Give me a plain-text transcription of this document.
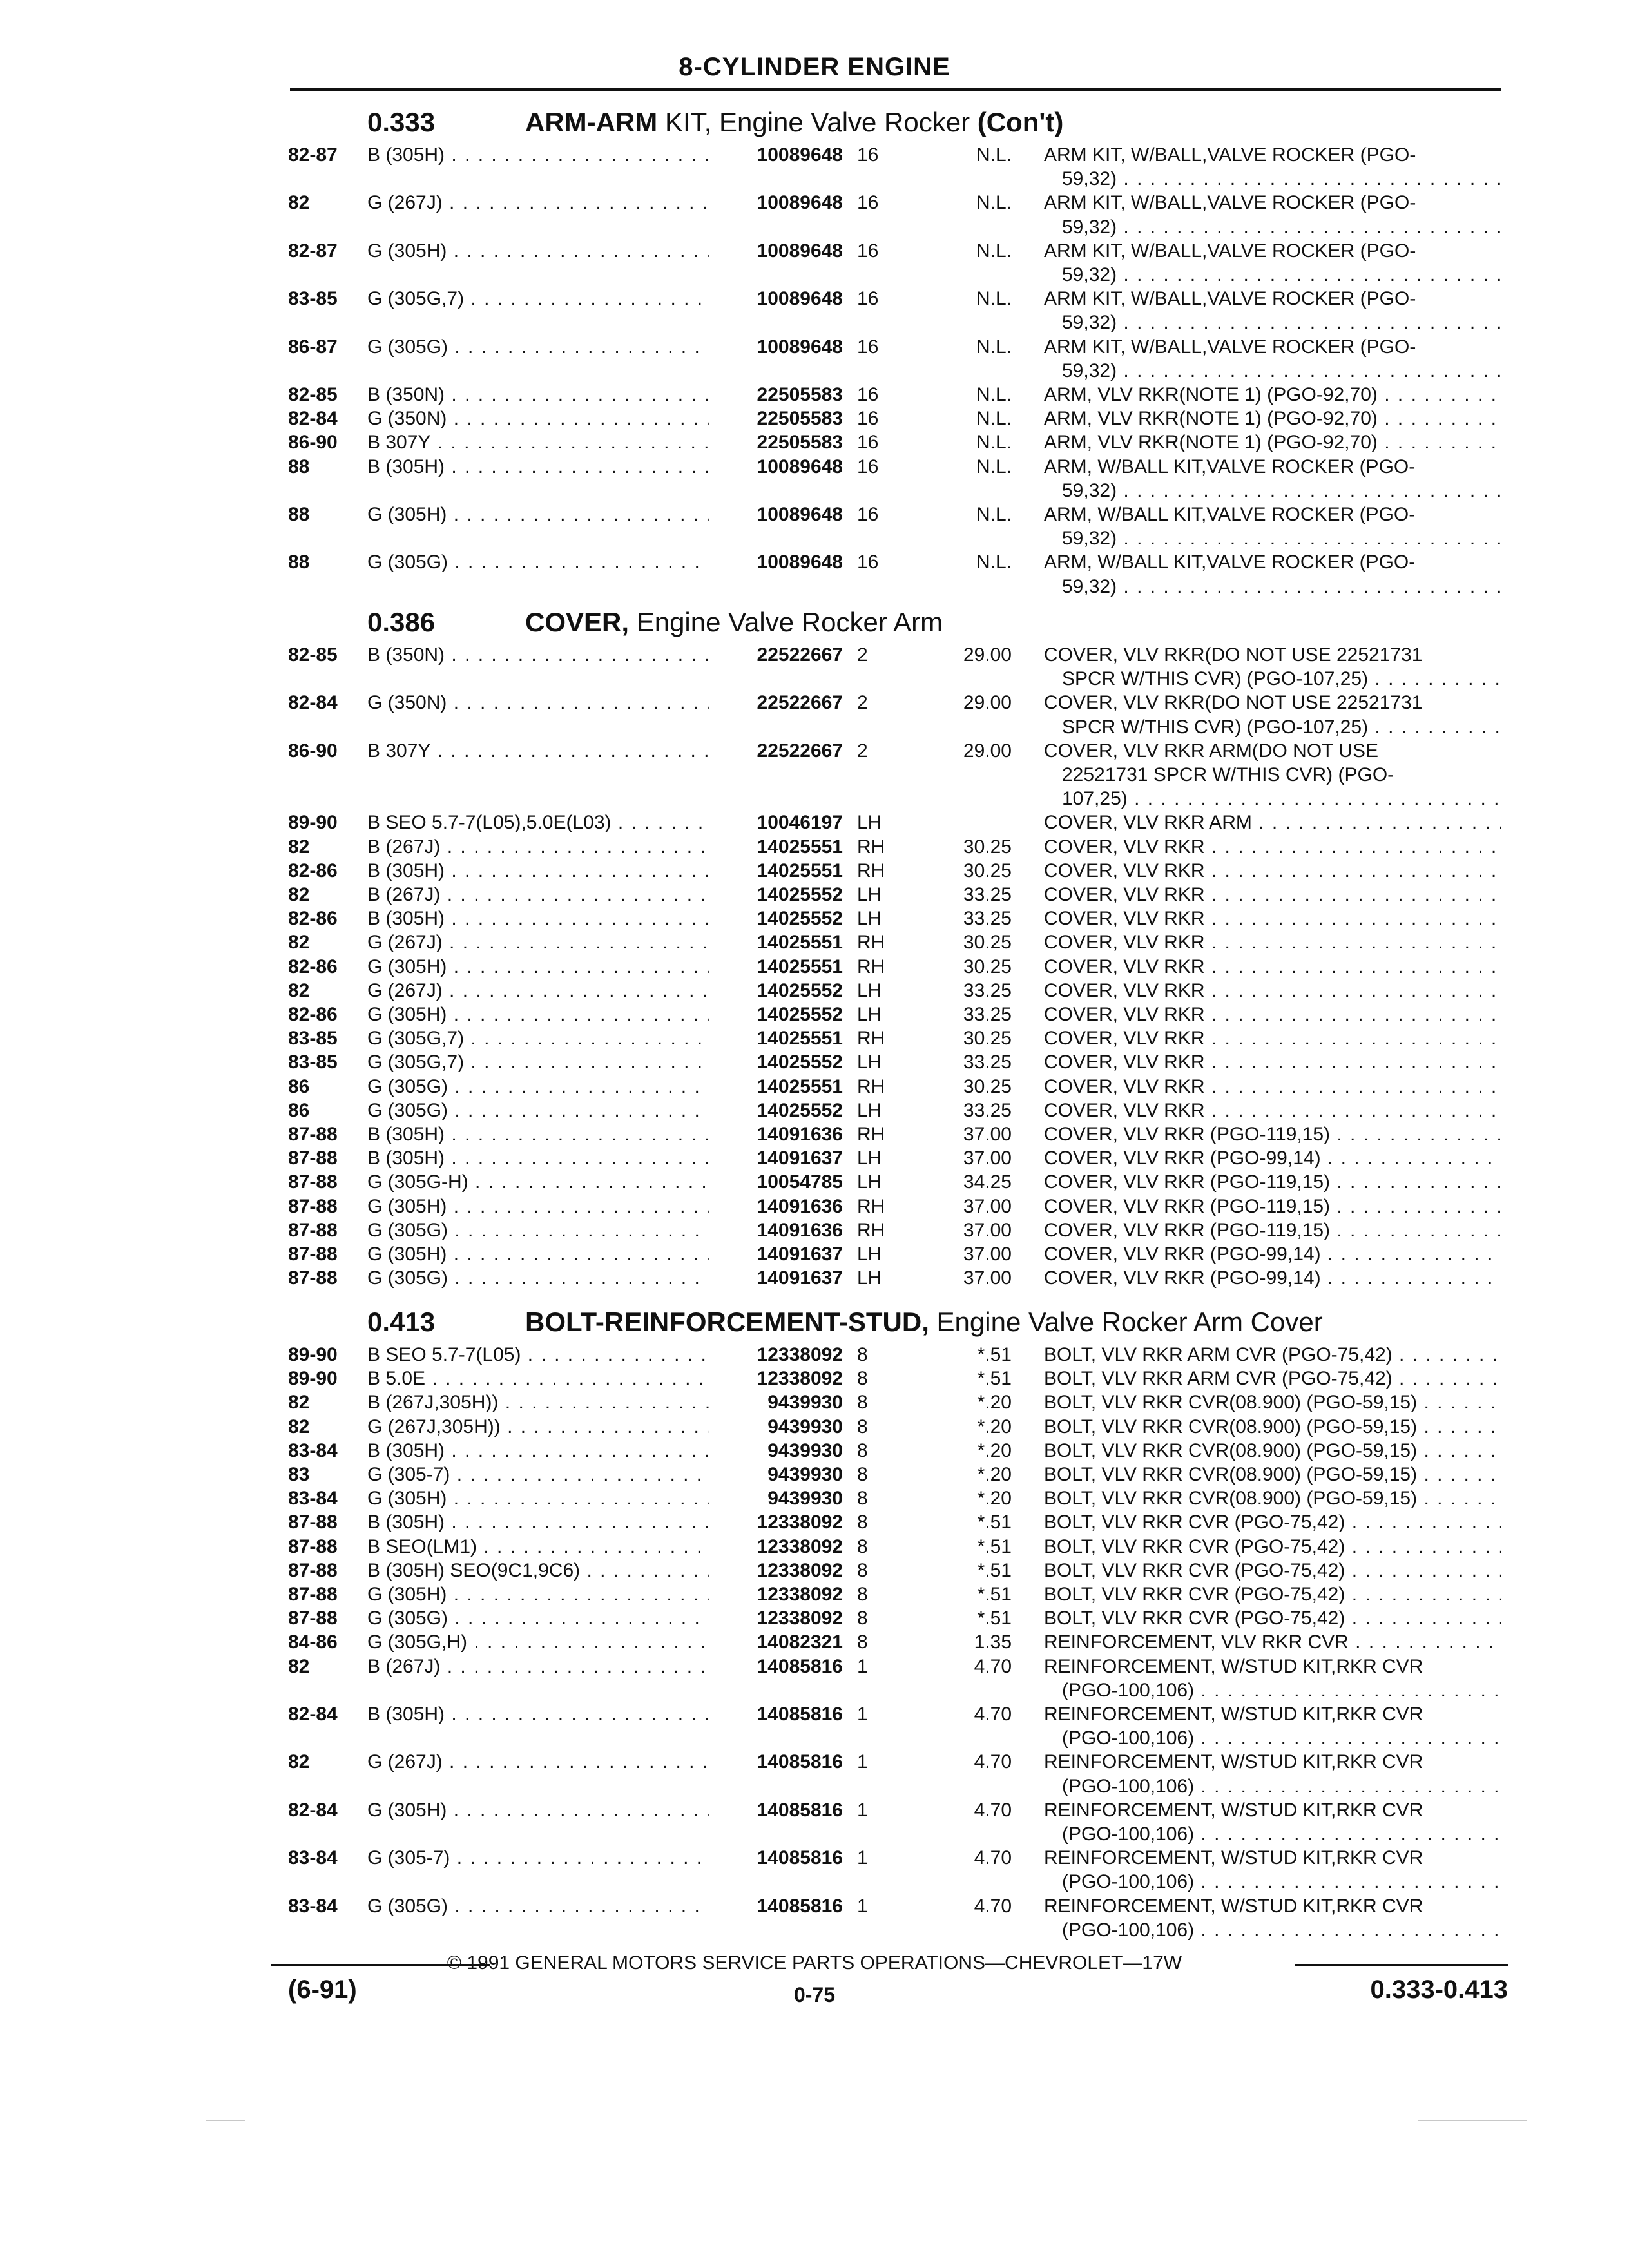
8-CYLINDER ENGINE
0.333	ARM-ARM KIT, Engine Valve Rocker (Con't)
82-87 B (305H) . . .	10089648 16	N.L. ARM KIT, W/BALL,VALVE ROCKER (PGO-
59,32) . . .
82	G (267J) . . .	10089648 16	N.L. ARM KIT, W/BALL,VALVE ROCKER (PGO-
59,32) . . .
82-87 G (305H) . . .	10089648 16	N.L. ARM KIT, W/BALL,VALVE ROCKER (PGO-
59,32) . . .
83-85 G (305G,7) . . .	10089648 16	N.L. ARM KIT, W/BALL,VALVE ROCKER (PGO-
59,32) . . .
86-87 G (305G) . . .	10089648 16	N.L. ARM KIT, W/BALL,VALVE ROCKER (PGO-
59,32) . . .
82-85 B (350N) . . .	22505583 16	N.L. ARM, VLV RKR(NOTE 1) (PGO-92,70) . . .
82-84 G (350N) . . .	22505583 16	N.L. ARM, VLV RKR(NOTE 1) (PGO-92,70) . . .
86-90 B 307Y . . .	22505583 16	N.L. ARM, VLV RKR(NOTE 1) (PGO-92,70) . . .
88	B (305H) . . .	10089648 16	N.L. ARM, W/BALL KIT,VALVE ROCKER (PGO-
59,32) . . .
88	G (305H) . . .	10089648 16	N.L. ARM, W/BALL KIT,VALVE ROCKER (PGO-
59,32) . . .
88	G (305G) . . .	10089648 16	N.L. ARM, W/BALL KIT,VALVE ROCKER (PGO-
59,32) . . .
0.386	COVER, Engine Valve Rocker Arm
82-85 B (350N) . . .	22522667 2	29.00 COVER, VLV RKR(DO NOT USE 22521731
SPCR W/THIS CVR) (PGO-107,25) . . .
82-84 G (350N) . . .	22522667 2	29.00 COVER, VLV RKR(DO NOT USE 22521731
SPCR W/THIS CVR) (PGO-107,25) . . .
86-90 B 307Y . . .	22522667 2	29.00 COVER, VLV RKR ARM(DO NOT USE
22521731 SPCR W/THIS CVR) (PGO-
107,25) . . .
89-90 B SEO 5.7-7(L05),5.0E(L03) . . .	10046197 LH	COVER, VLV RKR ARM . . .
82	B (267J) . . .	14025551 RH	30.25 COVER, VLV RKR . . .
82-86 B (305H) . . .	14025551 RH	30.25 COVER, VLV RKR . . .
82	B (267J) . . .	14025552 LH	33.25 COVER, VLV RKR . . .
82-86 B (305H) . . .	14025552 LH	33.25 COVER, VLV RKR . . .
82	G (267J) . . .	14025551 RH	30.25 COVER, VLV RKR . . .
82-86 G (305H) . . .	14025551 RH	30.25 COVER, VLV RKR . . .
82	G (267J) . . .	14025552 LH	33.25 COVER, VLV RKR . . .
82-86 G (305H) . . .	14025552 LH	33.25 COVER, VLV RKR . . .
83-85 G (305G,7) . . .	14025551 RH	30.25 COVER, VLV RKR . . .
83-85 G (305G,7) . . .	14025552 LH	33.25 COVER, VLV RKR . . .
86	G (305G) . . .	14025551 RH	30.25 COVER, VLV RKR . . .
86	G (305G) . . .	14025552 LH	33.25 COVER, VLV RKR . . .
87-88 B (305H) . . .	14091636 RH	37.00 COVER, VLV RKR (PGO-119,15) . . .
87-88 B (305H) . . .	14091637 LH	37.00 COVER, VLV RKR (PGO-99,14) . . .
87-88 G (305G-H) . . .	10054785 LH	34.25 COVER, VLV RKR (PGO-119,15) . . .
87-88 G (305H) . . .	14091636 RH	37.00 COVER, VLV RKR (PGO-119,15) . . .
87-88 G (305G) . . .	14091636 RH	37.00 COVER, VLV RKR (PGO-119,15) . . .
87-88 G (305H) . . .	14091637 LH	37.00 COVER, VLV RKR (PGO-99,14) . . .
87-88 G (305G) . . .	14091637 LH	37.00 COVER, VLV RKR (PGO-99,14) . . .
0.413	BOLT-REINFORCEMENT-STUD, Engine Valve Rocker Arm Cover
89-90 B SEO 5.7-7(L05) . . .	12338092 8	*.51 BOLT, VLV RKR ARM CVR (PGO-75,42) . . .
89-90 B 5.0E . . .	12338092 8	*.51 BOLT, VLV RKR ARM CVR (PGO-75,42) . . .
82	B (267J,305H)) . . .	9439930 8	*.20 BOLT, VLV RKR CVR(08.900) (PGO-59,15) . . .
82	G (267J,305H)) . . .	9439930 8	*.20 BOLT, VLV RKR CVR(08.900) (PGO-59,15) . . .
83-84 B (305H) . . .	9439930 8	*.20 BOLT, VLV RKR CVR(08.900) (PGO-59,15) . . .
83	G (305-7) . . .	9439930 8	*.20 BOLT, VLV RKR CVR(08.900) (PGO-59,15) . . .
83-84 G (305H) . . .	9439930 8	*.20 BOLT, VLV RKR CVR(08.900) (PGO-59,15) . . .
87-88 B (305H) . . .	12338092 8	*.51 BOLT, VLV RKR CVR (PGO-75,42) . . .
87-88 B SEO(LM1) . . .	12338092 8	*.51 BOLT, VLV RKR CVR (PGO-75,42) . . .
87-88 B (305H) SEO(9C1,9C6) . . .	12338092 8	*.51 BOLT, VLV RKR CVR (PGO-75,42) . . .
87-88 G (305H) . . .	12338092 8	*.51 BOLT, VLV RKR CVR (PGO-75,42) . . .
87-88 G (305G) . . .	12338092 8	*.51 BOLT, VLV RKR CVR (PGO-75,42) . . .
84-86 G (305G,H) . . .	14082321 8	1.35 REINFORCEMENT, VLV RKR CVR . . .
82	B (267J) . . .	14085816 1	4.70 REINFORCEMENT, W/STUD KIT,RKR CVR
(PGO-100,106) . . .
82-84 B (305H) . . .	14085816 1	4.70 REINFORCEMENT, W/STUD KIT,RKR CVR
(PGO-100,106) . . .
82	G (267J) . . .	14085816 1	4.70 REINFORCEMENT, W/STUD KIT,RKR CVR
(PGO-100,106) . . .
82-84 G (305H) . . .	14085816 1	4.70 REINFORCEMENT, W/STUD KIT,RKR CVR
(PGO-100,106) . . .
83-84 G (305-7) . . .	14085816 1	4.70 REINFORCEMENT, W/STUD KIT,RKR CVR
(PGO-100,106) . . .
83-84 G (305G) . . .	14085816 1	4.70 REINFORCEMENT, W/STUD KIT,RKR CVR
(PGO-100,106) . . .
© 1991 GENERAL MOTORS SERVICE PARTS OPERATIONS—CHEVROLET—17W
(6-91)	0-75	0.333-0.413
